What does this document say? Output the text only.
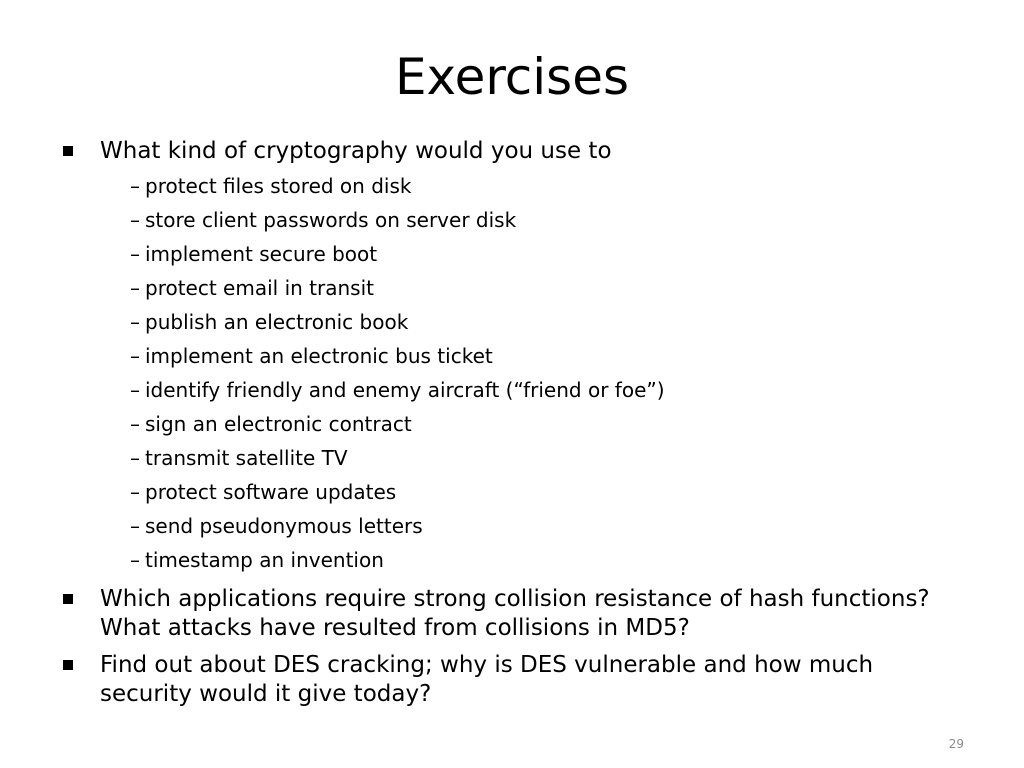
Exercises
What kind of cryptography would you use to
– protect files stored on disk
– store client passwords on server disk
– implement secure boot
– protect email in transit
– publish an electronic book
– implement an electronic bus ticket
– identify friendly and enemy aircraft (“friend or foe”)
– sign an electronic contract
– transmit satellite TV
– protect software updates
– send pseudonymous letters
– timestamp an invention
Which applications require strong collision resistance of hash functions? What attacks have resulted from collisions in MD5?
Find out about DES cracking; why is DES vulnerable and how much security would it give today?
29
